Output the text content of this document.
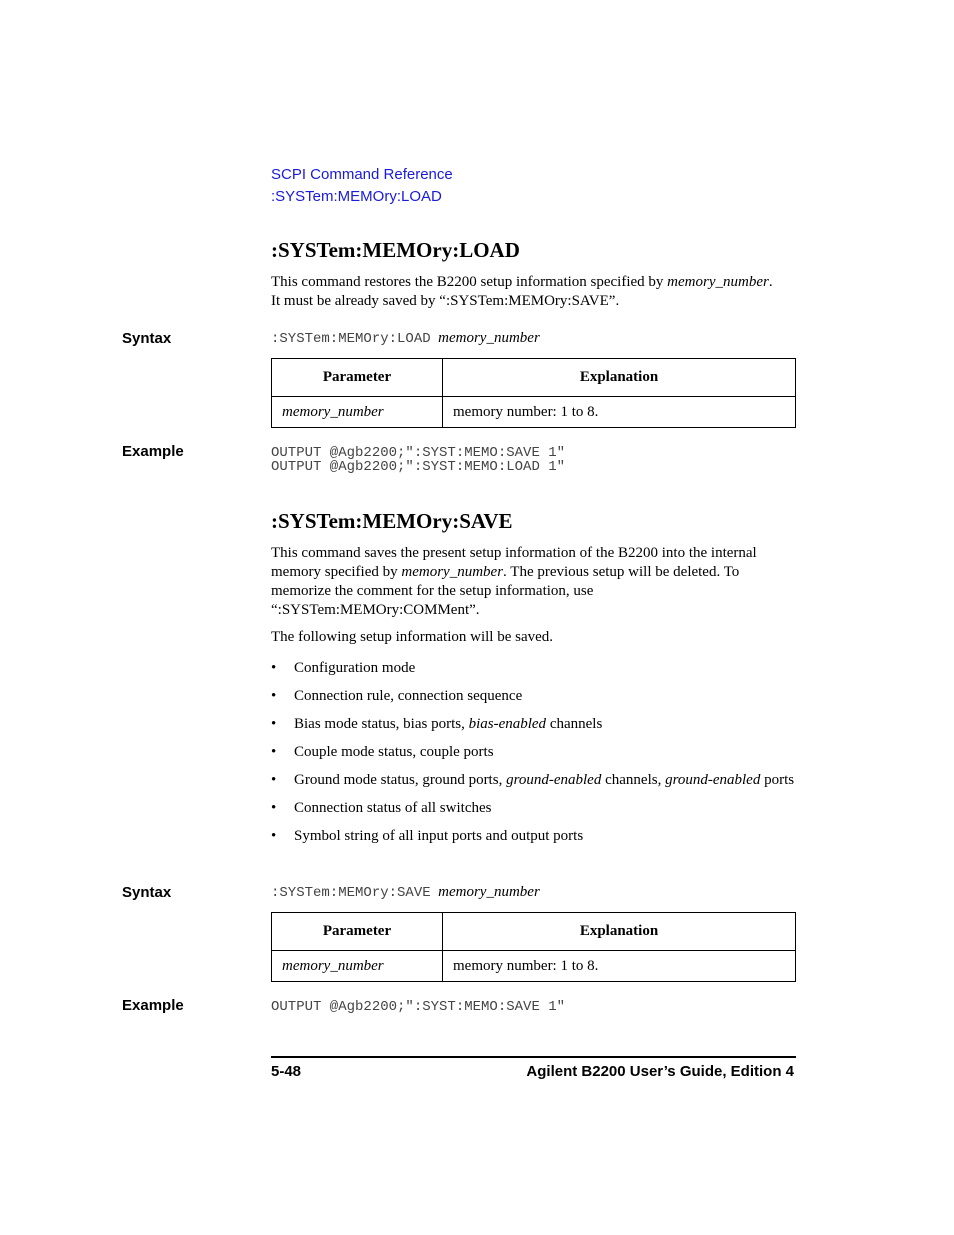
SCPI Command Reference
:SYSTem:MEMOry:LOAD
:SYSTem:MEMOry:LOAD
This command restores the B2200 setup information specified by memory_number.
It must be already saved by “:SYSTem:MEMOry:SAVE”.
Syntax	:SYSTem:MEMOry:LOAD memory_number
Parameter	Explanation
memory_number	memory number: 1 to 8.
Example	OUTPUT @Agb2200;":SYST:MEMO:SAVE 1"
OUTPUT @Agb2200;":SYST:MEMO:LOAD 1"
:SYSTem:MEMOry:SAVE
This command saves the present setup information of the B2200 into the internal memory specified by memory_number. The previous setup will be deleted. To memorize the comment for the setup information, use “:SYSTem:MEMOry:COMMent”.
The following setup information will be saved.
• Configuration mode
• Connection rule, connection sequence
• Bias mode status, bias ports, bias-enabled channels
• Couple mode status, couple ports
• Ground mode status, ground ports, ground-enabled channels, ground-enabled ports
• Connection status of all switches
• Symbol string of all input ports and output ports
Syntax	:SYSTem:MEMOry:SAVE memory_number
Parameter	Explanation
memory_number	memory number: 1 to 8.
Example	OUTPUT @Agb2200;":SYST:MEMO:SAVE 1"
5-48	Agilent B2200 User’s Guide, Edition 4
